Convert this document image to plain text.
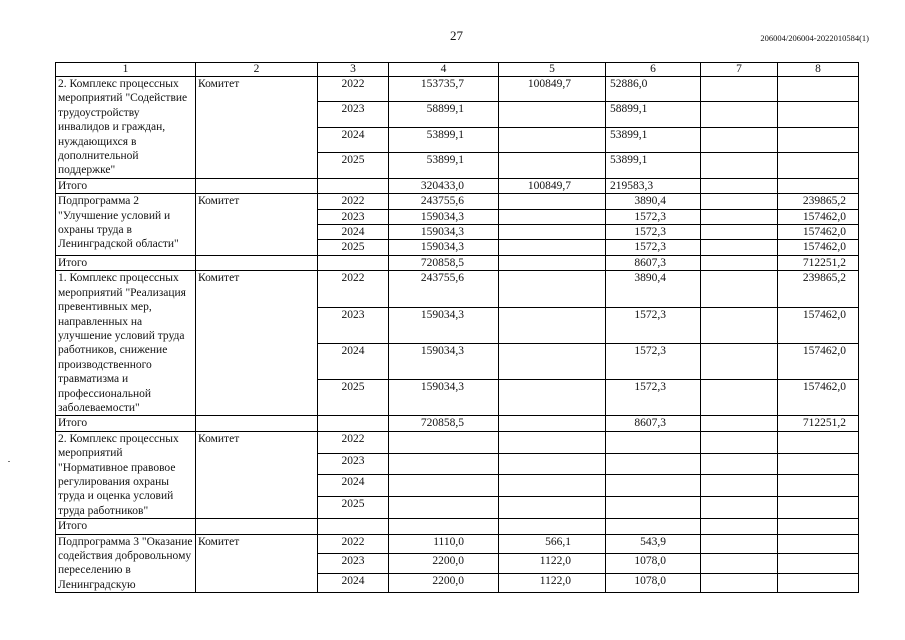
27	206004/206004-2022010584(1)
1	2	3	4	5	6	7	8
2. Комплекс процессных мероприятий "Содействие трудоустройству инвалидов и граждан, нуждающихся в дополнительной поддержке"	Комитет	2022	153735,7	100849,7	52886,0		
		2023	58899,1		58899,1		
		2024	53899,1		53899,1		
		2025	53899,1		53899,1		
Итого			320433,0	100849,7	219583,3		
Подпрограмма 2 "Улучшение условий и охраны труда в Ленинградской области"	Комитет	2022	243755,6		3890,4		239865,2
		2023	159034,3		1572,3		157462,0
		2024	159034,3		1572,3		157462,0
		2025	159034,3		1572,3		157462,0
Итого			720858,5		8607,3		712251,2
1. Комплекс процессных мероприятий "Реализация превентивных мер, направленных на улучшение условий труда работников, снижение производственного травматизма и профессиональной заболеваемости"	Комитет	2022	243755,6		3890,4		239865,2
		2023	159034,3		1572,3		157462,0
		2024	159034,3		1572,3		157462,0
		2025	159034,3		1572,3		157462,0
Итого			720858,5		8607,3		712251,2
2. Комплекс процессных мероприятий "Нормативное правовое регулирования охраны труда и оценка условий труда работников"	Комитет	2022					
		2023					
		2024					
		2025					
Итого							
Подпрограмма 3 "Оказание содействия добровольному переселению в Ленинградскую	Комитет	2022	1110,0	566,1	543,9		
		2023	2200,0	1122,0	1078,0		
		2024	2200,0	1122,0	1078,0		
